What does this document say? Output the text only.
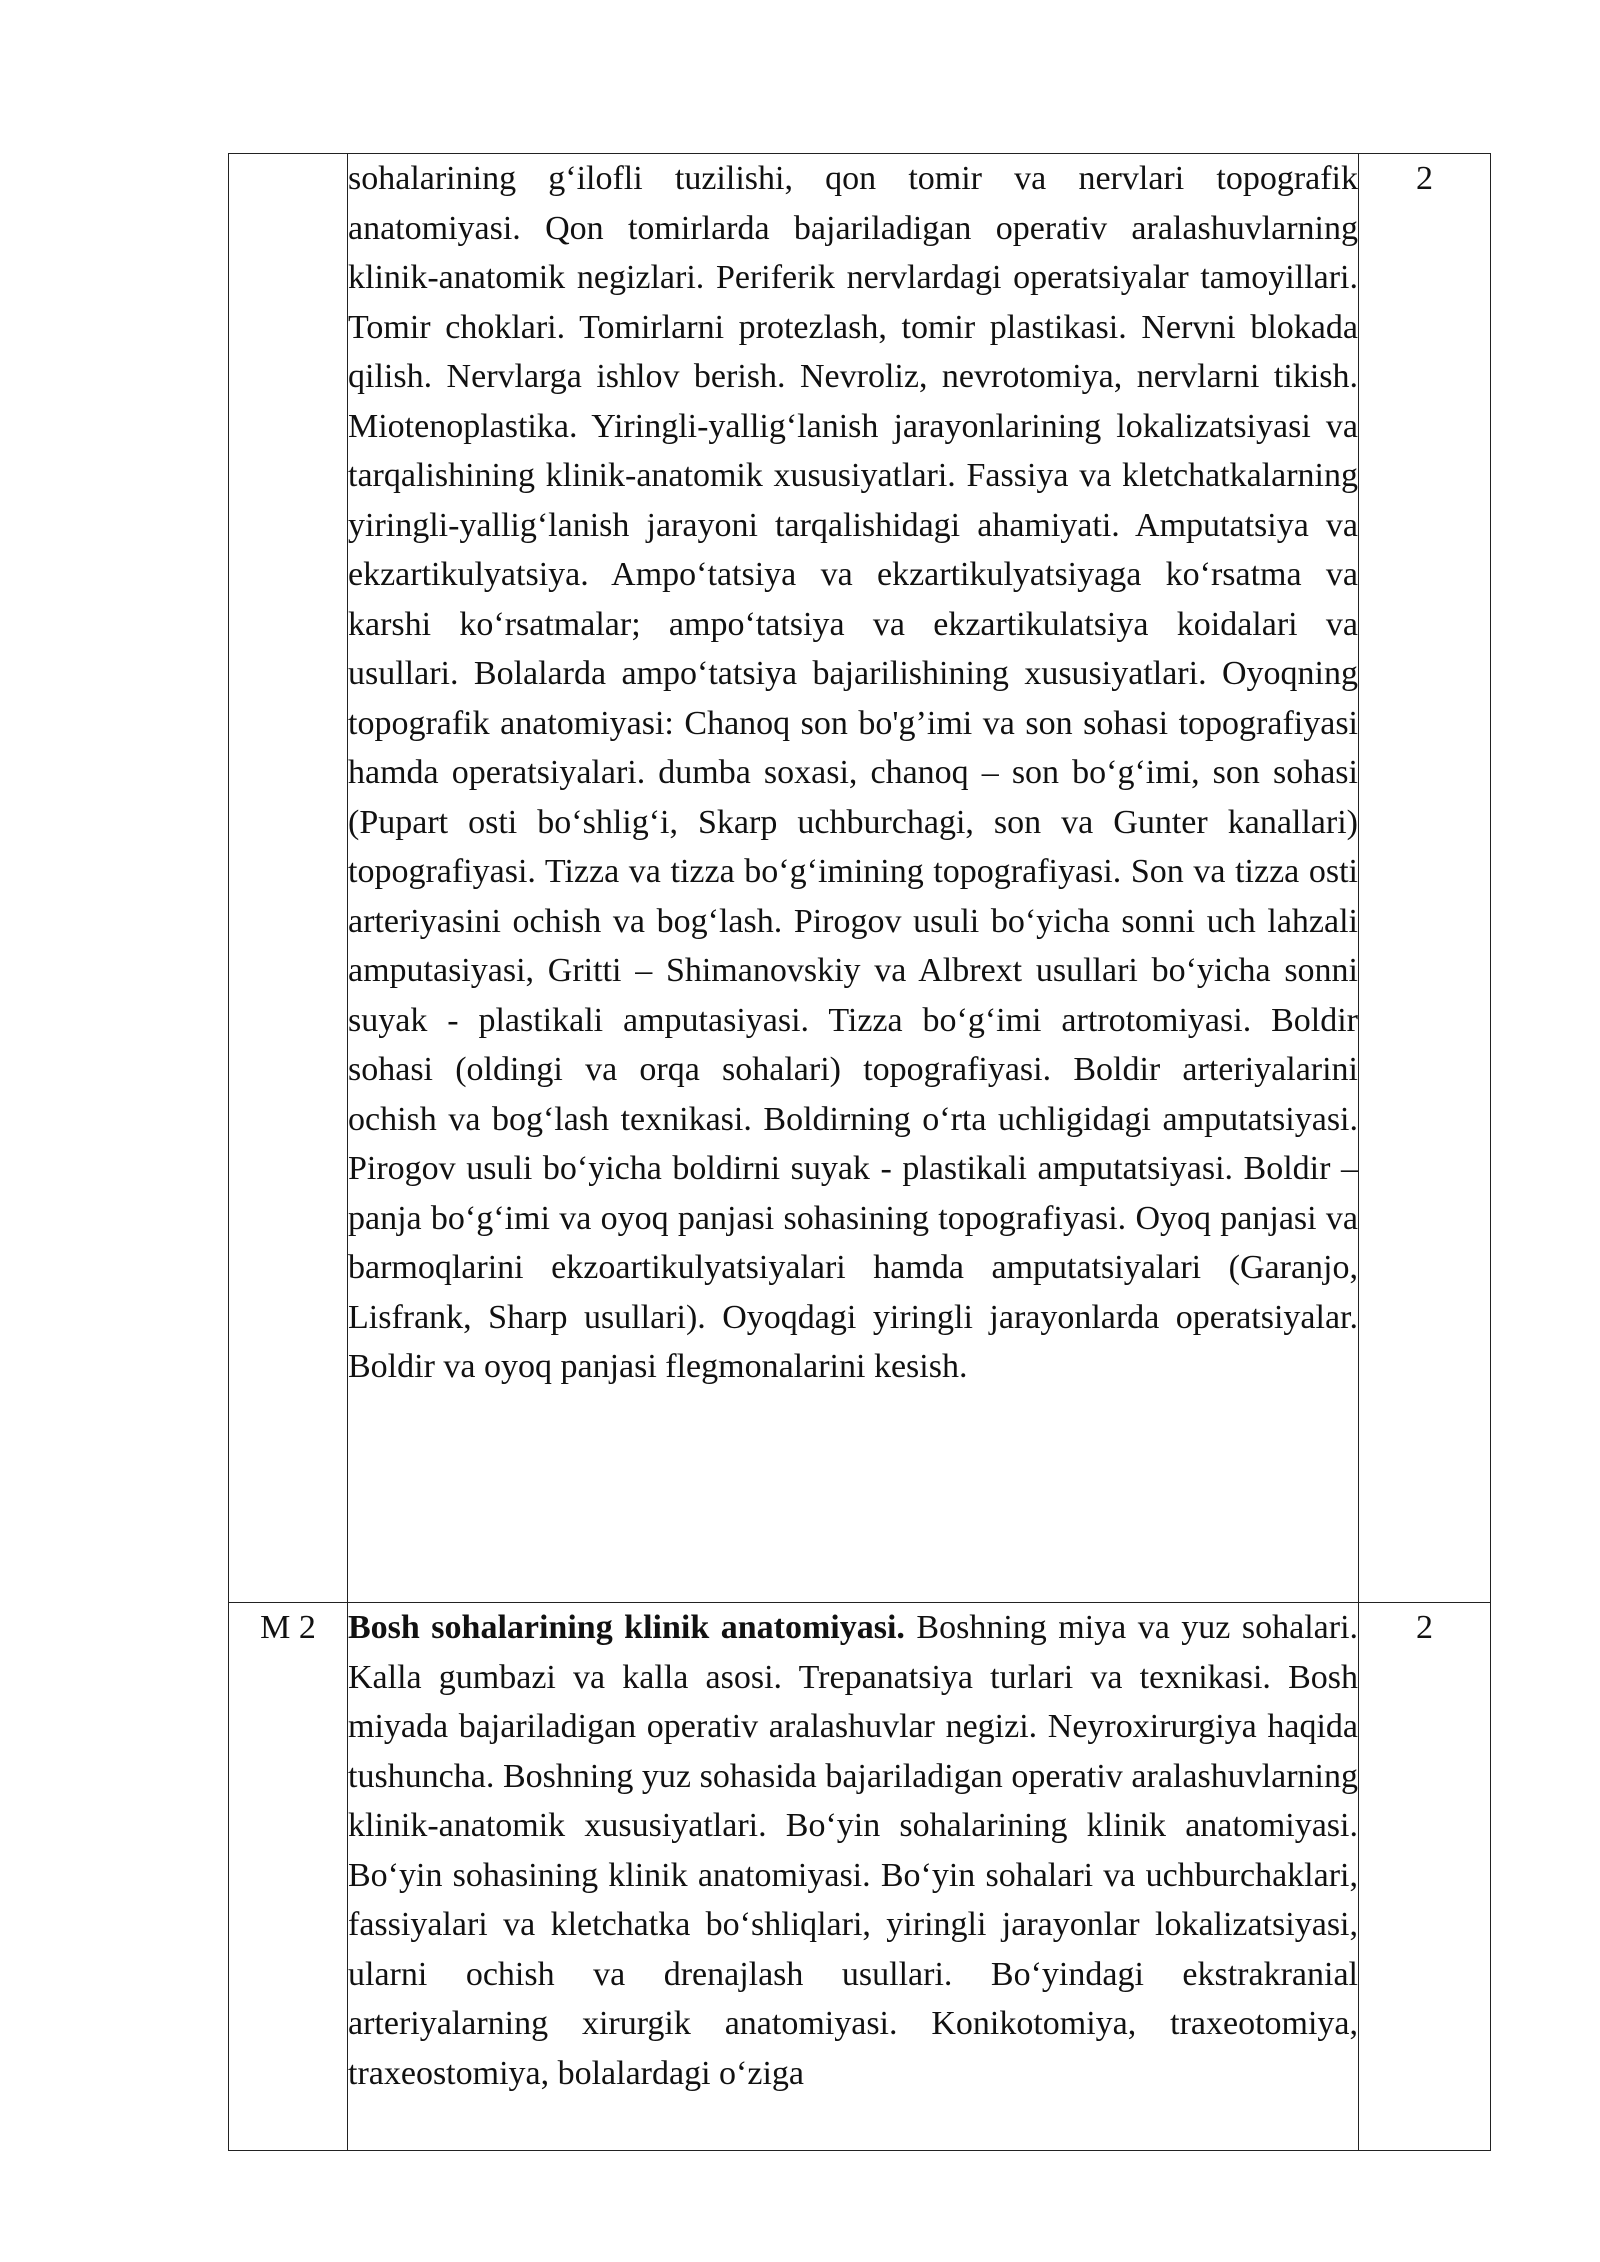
	sohalarining g‘ilofli tuzilishi, qon tomir va nervlari topografik anatomiyasi. Qon tomirlarda bajariladigan operativ aralashuvlarning klinik-anatomik negizlari. Periferik nervlardagi operatsiyalar tamoyillari. Tomir choklari. Tomirlarni protezlash, tomir plastikasi. Nervni blokada qilish. Nervlarga ishlov berish. Nevroliz, nevrotomiya, nervlarni tikish. Miotenoplastika. Yiringli-yallig‘lanish jarayonlarining lokalizatsiyasi va tarqalishining klinik-anatomik xususiyatlari. Fassiya va kletchatkalarning yiringli-yallig‘lanish jarayoni tarqalishidagi ahamiyati. Amputatsiya va ekzartikulyatsiya. Ampo‘tatsiya va ekzartikulyatsiyaga ko‘rsatma va karshi ko‘rsatmalar; ampo‘tatsiya va ekzartikulatsiya koidalari va usullari. Bolalarda ampo‘tatsiya bajarilishining xususiyatlari. Oyoqning topografik anatomiyasi: Chanoq son bo'g’imi va son sohasi topografiyasi hamda operatsiyalari. dumba soxasi, chanoq – son bo‘g‘imi, son sohasi (Pupart osti bo‘shlig‘i, Skarp uchburchagi, son va Gunter kanallari) topografiyasi. Tizza va tizza bo‘g‘imining topografiyasi. Son va tizza osti arteriyasini ochish va bog‘lash. Pirogov usuli bo‘yicha sonni uch lahzali amputasiyasi, Gritti – Shimanovskiy va Albrext usullari bo‘yicha sonni suyak - plastikali amputasiyasi. Tizza bo‘g‘imi artrotomiyasi. Boldir sohasi (oldingi va orqa sohalari) topografiyasi. Boldir arteriyalarini ochish va bog‘lash texnikasi. Boldirning o‘rta uchligidagi amputatsiyasi. Pirogov usuli bo‘yicha boldirni suyak - plastikali amputatsiyasi. Boldir – panja bo‘g‘imi va oyoq panjasi sohasining topografiyasi. Oyoq panjasi va barmoqlarini ekzoartikulyatsiyalari hamda amputatsiyalari (Garanjo, Lisfrank, Sharp usullari). Oyoqdagi yiringli jarayonlarda operatsiyalar. Boldir va oyoq panjasi flegmonalarini kesish.	2
M 2	Bosh sohalarining klinik anatomiyasi. Boshning miya va yuz sohalari. Kalla gumbazi va kalla asosi. Trepanatsiya turlari va texnikasi. Bosh miyada bajariladigan operativ aralashuvlar negizi. Neyroxirurgiya haqida tushuncha. Boshning yuz sohasida bajariladigan operativ aralashuvlarning klinik-anatomik xususiyatlari. Bo‘yin sohalarining klinik anatomiyasi. Bo‘yin sohasining klinik anatomiyasi. Bo‘yin sohalari va uchburchaklari, fassiyalari va kletchatka bo‘shliqlari, yiringli jarayonlar lokalizatsiyasi, ularni ochish va drenajlash usullari. Bo‘yindagi ekstrakranial arteriyalarning xirurgik anatomiyasi. Konikotomiya, traxeotomiya, traxeostomiya, bolalardagi o‘ziga	2
